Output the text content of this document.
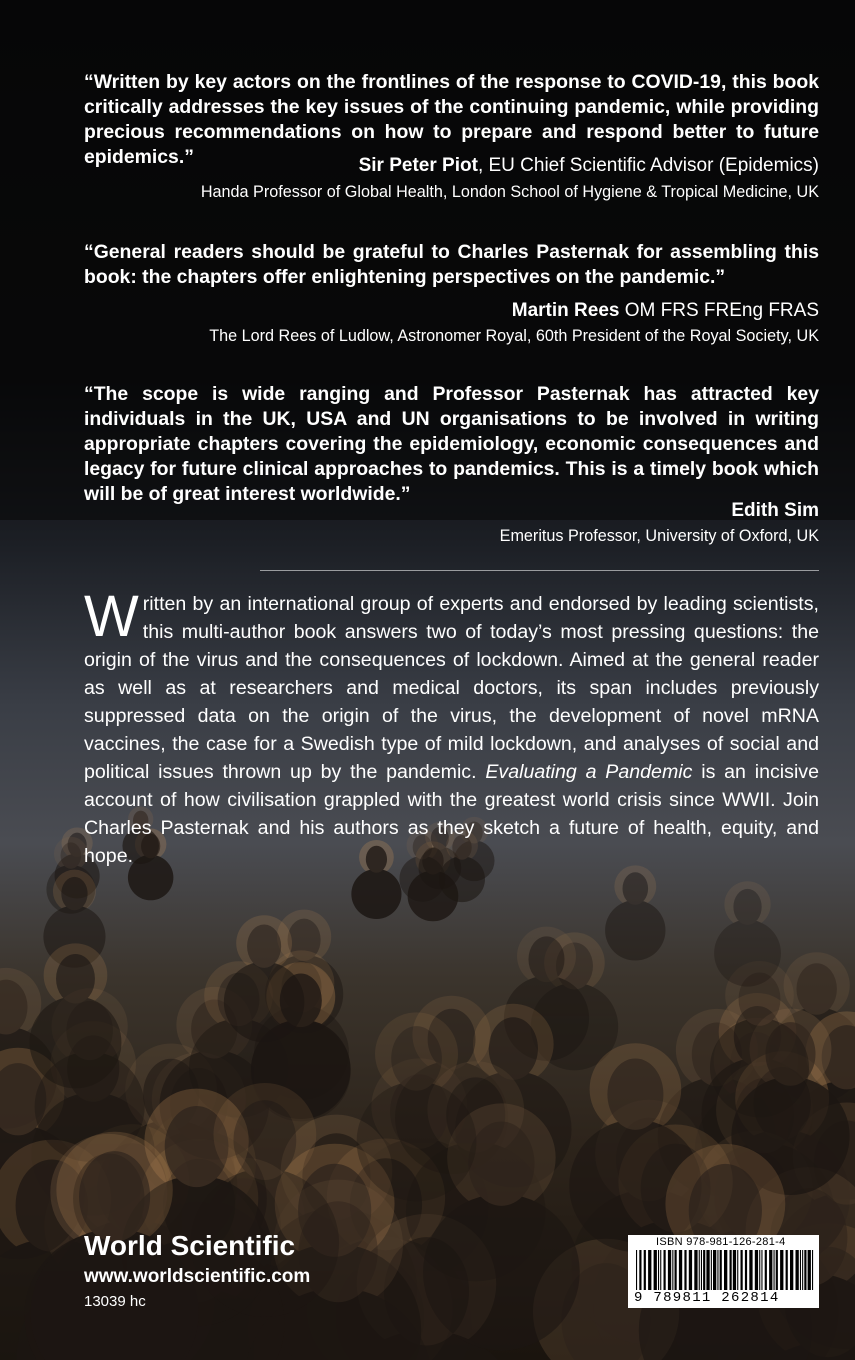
“Written by key actors on the frontlines of the response to COVID-19, this book critically addresses the key issues of the continuing pandemic, while providing precious recommendations on how to prepare and respond better to future epidemics.”	Sir Peter Piot, EU Chief Scientific Advisor (Epidemics)
Handa Professor of Global Health, London School of Hygiene & Tropical Medicine, UK
“General readers should be grateful to Charles Pasternak for assembling this book: the chapters offer enlightening perspectives on the pandemic.”
Martin Rees OM FRS FREng FRAS
The Lord Rees of Ludlow, Astronomer Royal, 60th President of the Royal Society, UK
“The scope is wide ranging and Professor Pasternak has attracted key individuals in the UK, USA and UN organisations to be involved in writing appropriate chapters covering the epidemiology, economic consequences and legacy for future clinical approaches to pandemics. This is a timely book which will be of great interest worldwide.”
Edith Sim
Emeritus Professor, University of Oxford, UK
Written by an international group of experts and endorsed by leading scientists, this multi-author book answers two of today’s most pressing questions: the origin of the virus and the consequences of lockdown. Aimed at the general reader as well as at researchers and medical doctors, its span includes previously suppressed data on the origin of the virus, the development of novel mRNA vaccines, the case for a Swedish type of mild lockdown, and analyses of social and political issues thrown up by the pandemic. Evaluating a Pandemic is an incisive account of how civilisation grappled with the greatest world crisis since WWII. Join Charles Pasternak and his authors as they sketch a future of health, equity, and hope.
World Scientific
www.worldscientific.com
13039 hc
ISBN 978-981-126-281-4
9 789811 262814
